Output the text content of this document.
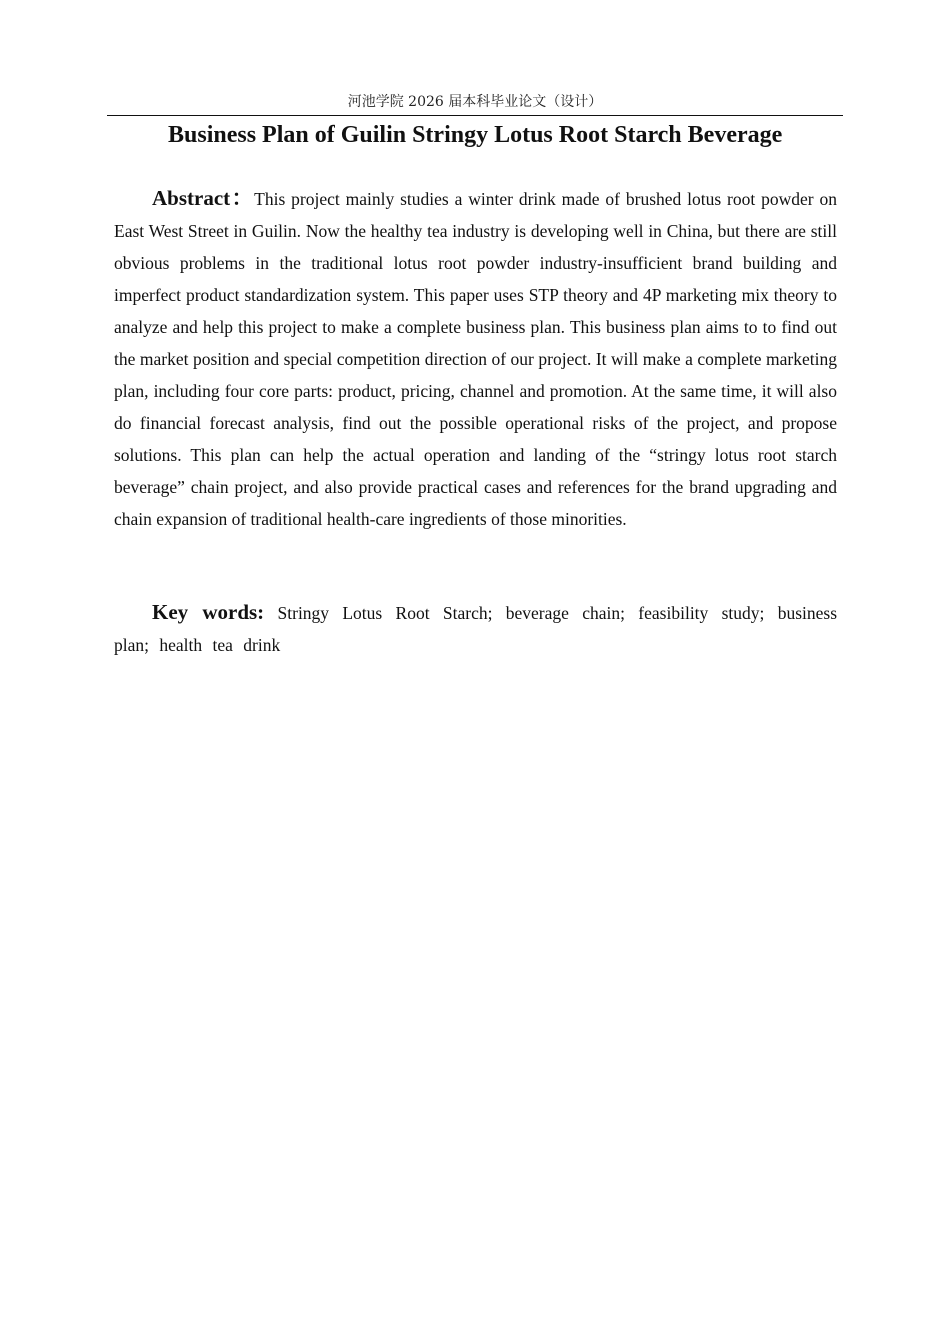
河池学院 2026 届本科毕业论文（设计）
Business Plan of Guilin Stringy Lotus Root Starch Beverage

Abstract：This project mainly studies a winter drink made of brushed lotus root powder on East West Street in Guilin. Now the healthy tea industry is developing well in China, but there are still obvious problems in the traditional lotus root powder industry-insufficient brand building and imperfect product standardization system. This paper uses STP theory and 4P marketing mix theory to analyze and help this project to make a complete business plan. This business plan aims to to find out the market position and special competition direction of our project. It will make a complete marketing plan, including four core parts: product, pricing, channel and promotion. At the same time, it will also do financial forecast analysis, find out the possible operational risks of the project, and propose solutions. This plan can help the actual operation and landing of the “stringy lotus root starch beverage” chain project, and also provide practical cases and references for the brand upgrading and chain expansion of traditional health-care ingredients of those minorities.

Key words: Stringy Lotus Root Starch; beverage chain; feasibility study; business plan; health tea drink
